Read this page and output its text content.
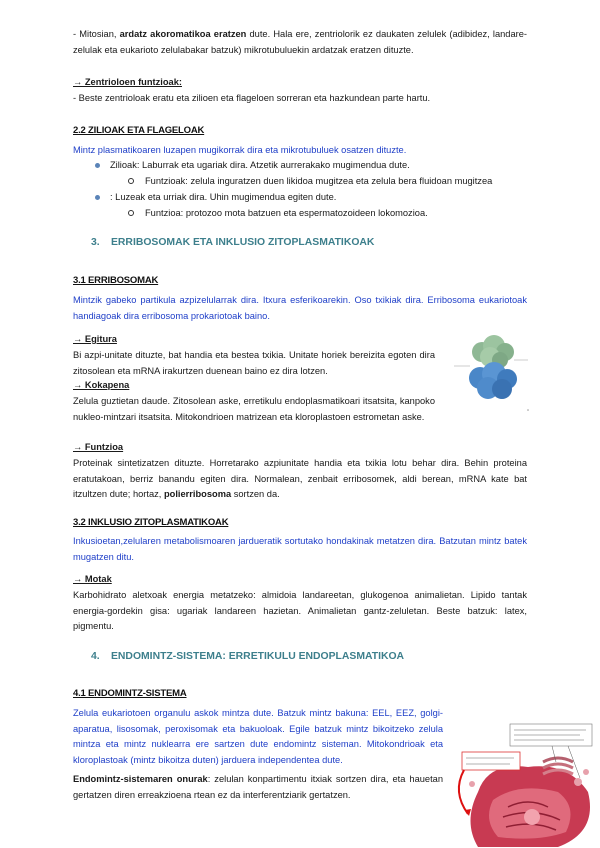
- Mitosian, ardatz akoromatikoa eratzen dute. Hala ere, zentriolorik ez daukaten zelulek (adibidez, landare- zelulak eta eukarioto zelulabakar batzuk) mikrotubuluekin ardatzak eratzen dituzte.

→ Zentrioloen funtzioak:
- Beste zentrioloak eratu eta zilioen eta flageloen sorreran eta hazkundean parte hartu.
2.2 ZILIOAK ETA FLAGELOAK
Mintz plasmatikoaren luzapen mugikorrak dira eta mikrotubuluek osatzen dituzte.
Zilioak: Laburrak eta ugariak dira. Atzetik aurrerakako mugimendua dute.
Funtzioak: zelula inguratzen duen likidoa mugitzea eta zelula bera fluidoan mugitzea
: Luzeak eta urriak dira. Uhin mugimendua egiten dute.
Funtzioa: protozoo mota batzuen eta espermatozoideen lokomozioa.
3. ERRIBOSOMAK ETA INKLUSIO ZITOPLASMATIKOAK
3.1 ERRIBOSOMAK

Mintzik gabeko partikula azpizelularrak dira. Itxura esferikoarekin. Oso txikiak dira. Erribosoma eukariotoak handiagoak dira erribosoma prokariotoak baino.

→ Egitura

Bi azpi-unitate dituzte, bat handia eta bestea txikia. Unitate horiek bereizita egoten dira zitosolean eta mRNA irakurtzen duenean baino ez dira lotzen.

→ Kokapena

Zelula guztietan daude. Zitosolean aske, erretikulu endoplasmatikoari itsatsita, kanpoko nukleo-mintzari itsatsita. Mitokondrioen matrizean eta kloroplastoen estrometan aske.

→ Funtzioa

Proteinak sintetizatzen dituzte. Horretarako azpiunitate handia eta txikia lotu behar dira. Behin proteina eratutakoan, berriz banandu egiten dira. Normalean, zenbait erribosomek, aldi berean, mRNA kate bat itzultzen dute; hortaz, polierribosoma sortzen da.

3.2 INKLUSIO ZITOPLASMATIKOAK

Inkusioetan,zelularen metabolismoaren jardueratik sortutako hondakinak metatzen dira. Batzutan mintz batek mugatzen ditu.

→ Motak

Karbohidrato aletxoak energia metatzeko: almidoia landareetan, glukogenoa animalietan. Lipido tantak energia-gordekin gisa: ugariak landareen hazietan. Animalietan gantz-zeluletan. Beste batzuk: latex, pigmentu.

4. ENDOMINTZ-SISTEMA: ERRETIKULU ENDOPLASMATIKOA
4.1 ENDOMINTZ-SISTEMA

Zelula eukariotoen organulu askok mintza dute. Batzuk mintz bakuna: EEL, EEZ, golgi-aparatua, lisosomak, peroxisomak eta bakuoloak. Egile batzuk mintz bikoitzeko zelula mintza eta mintz nuklearra ere sartzen dute endomintz sisteman. Mitokondrioak eta kloroplastoak (mintz bikoitza duten) jarduera independentea dute.

Endomintz-sistemaren onurak: zelulan konpartimentu itxiak sortzen dira, eta hauetan gertatzen diren erreakzioena rtean ez da interferentziarik gertatzen.
